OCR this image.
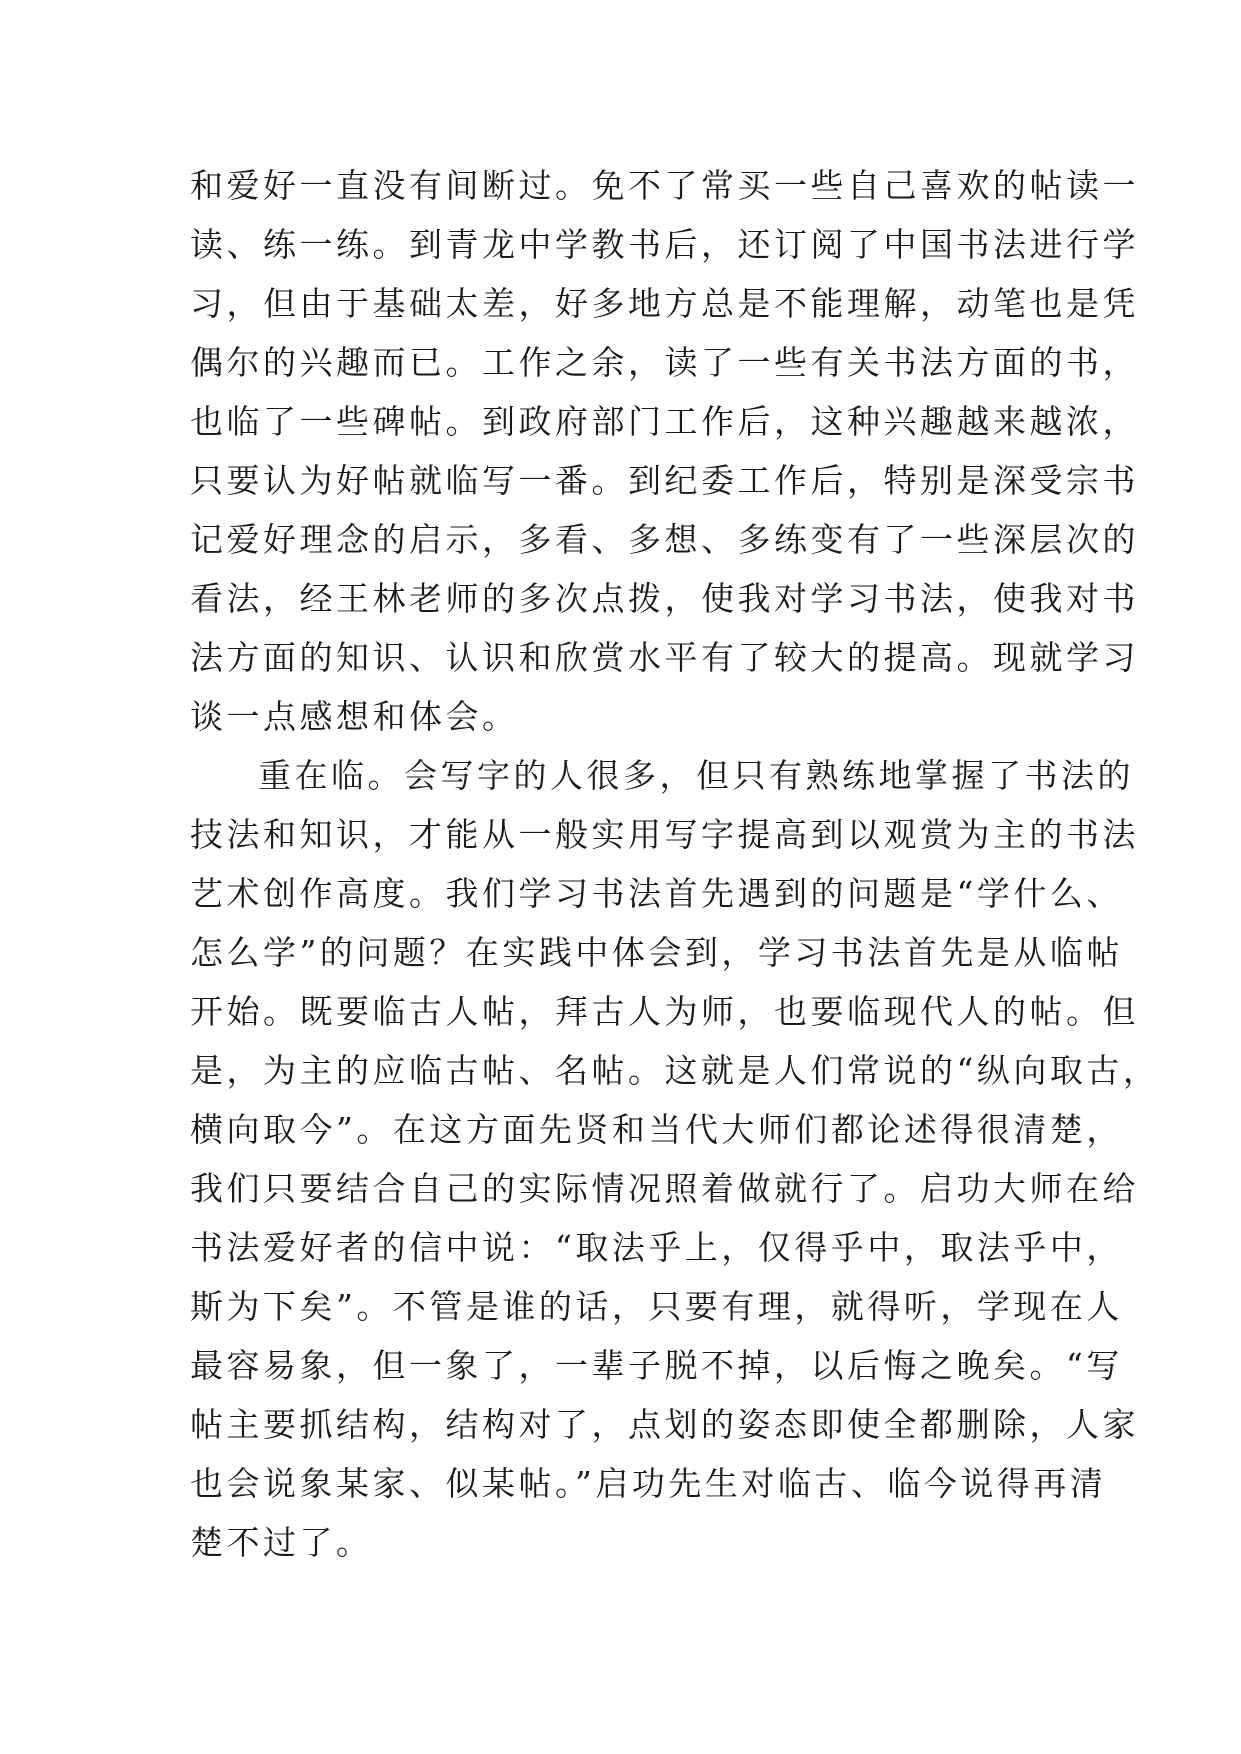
和爱好一直没有间断过。免不了常买一些自己喜欢的帖读一
读、练一练。到青龙中学教书后，还订阅了中国书法进行学
习，但由于基础太差，好多地方总是不能理解，动笔也是凭
偶尔的兴趣而已。工作之余，读了一些有关书法方面的书，
也临了一些碑帖。到政府部门工作后，这种兴趣越来越浓，
只要认为好帖就临写一番。到纪委工作后，特别是深受宗书
记爱好理念的启示，多看、多想、多练变有了一些深层次的
看法，经王林老师的多次点拨，使我对学习书法，使我对书
法方面的知识、认识和欣赏水平有了较大的提高。现就学习
谈一点感想和体会。
重在临。会写字的人很多，但只有熟练地掌握了书法的
技法和知识，才能从一般实用写字提高到以观赏为主的书法
艺术创作高度。我们学习书法首先遇到的问题是“学什么、
怎么学”的问题？在实践中体会到，学习书法首先是从临帖
开始。既要临古人帖，拜古人为师，也要临现代人的帖。但
是，为主的应临古帖、名帖。这就是人们常说的“纵向取古，
横向取今”。在这方面先贤和当代大师们都论述得很清楚，
我们只要结合自己的实际情况照着做就行了。启功大师在给
书法爱好者的信中说：“取法乎上，仅得乎中，取法乎中，
斯为下矣”。不管是谁的话，只要有理，就得听，学现在人
最容易象，但一象了，一辈子脱不掉，以后悔之晚矣。“写
帖主要抓结构，结构对了，点划的姿态即使全都删除，人家
也会说象某家、似某帖。”启功先生对临古、临今说得再清
楚不过了。
